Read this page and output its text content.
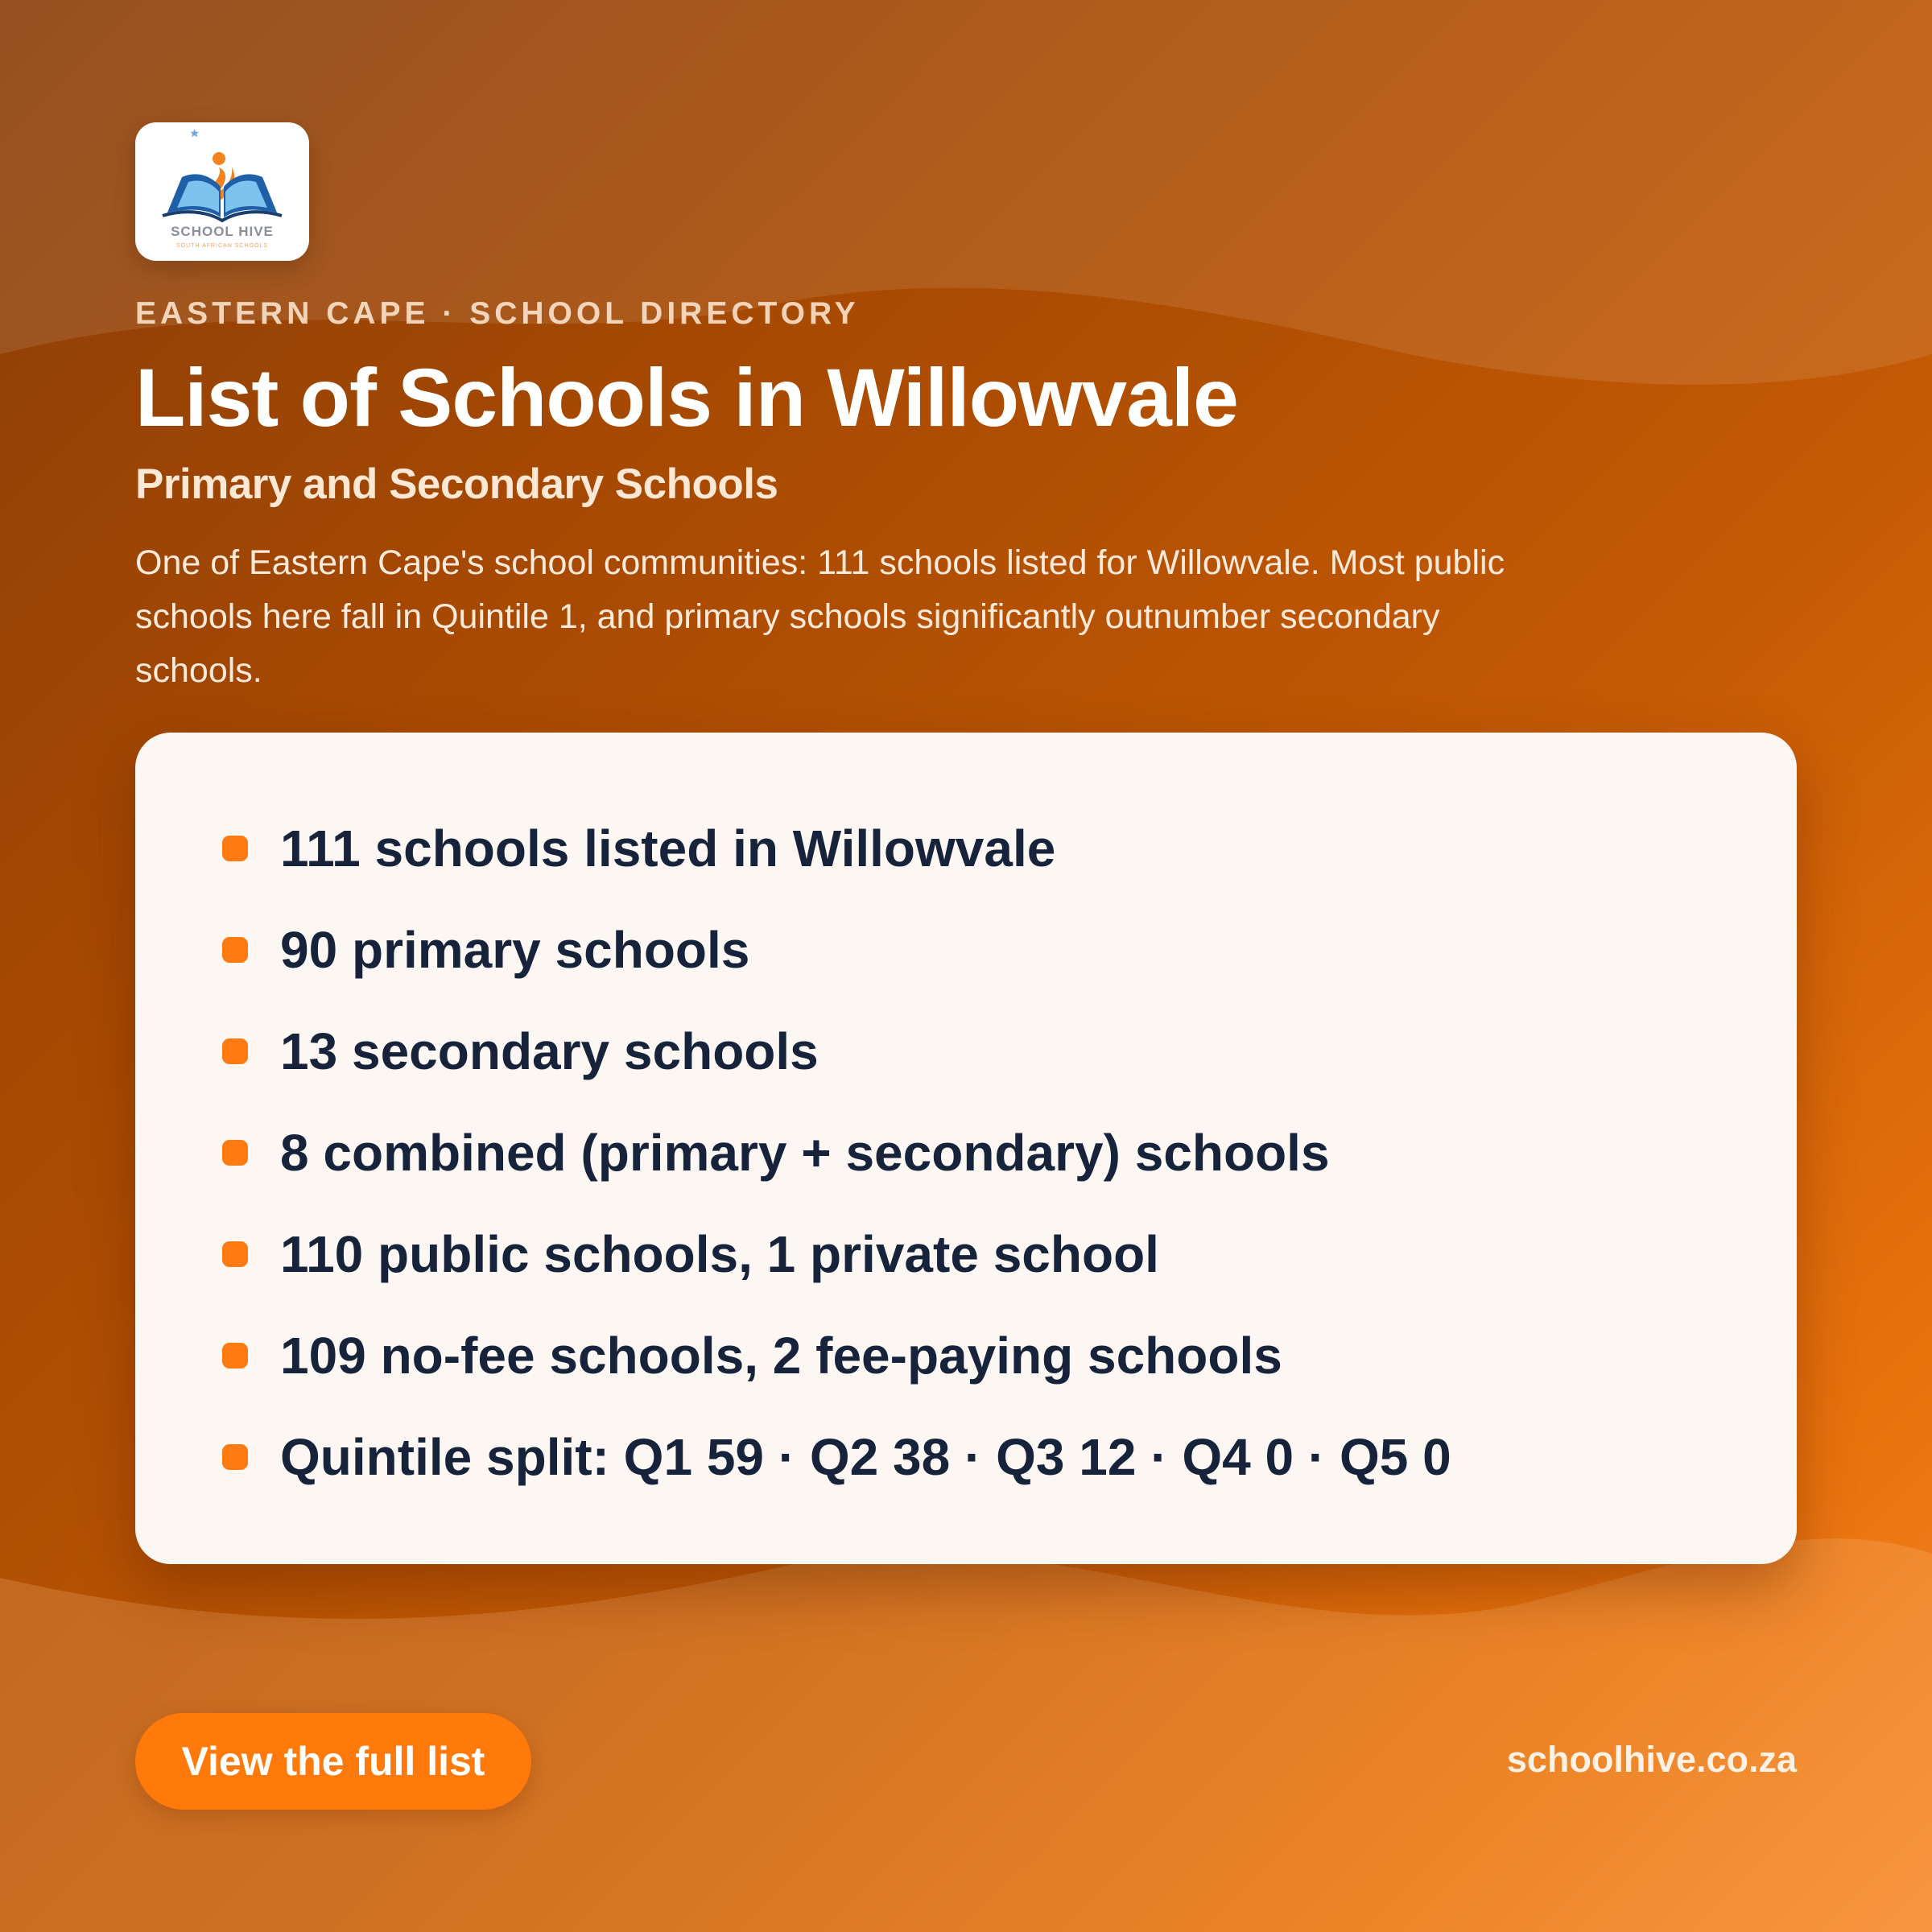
SCHOOL HIVE
SOUTH AFRICAN SCHOOLS

EASTERN CAPE · SCHOOL DIRECTORY

List of Schools in Willowvale
Primary and Secondary Schools

One of Eastern Cape's school communities: 111 schools listed for Willowvale. Most public schools here fall in Quintile 1, and primary schools significantly outnumber secondary schools.

111 schools listed in Willowvale
90 primary schools
13 secondary schools
8 combined (primary + secondary) schools
110 public schools, 1 private school
109 no-fee schools, 2 fee-paying schools
Quintile split: Q1 59 · Q2 38 · Q3 12 · Q4 0 · Q5 0
View the full list	schoolhive.co.za
